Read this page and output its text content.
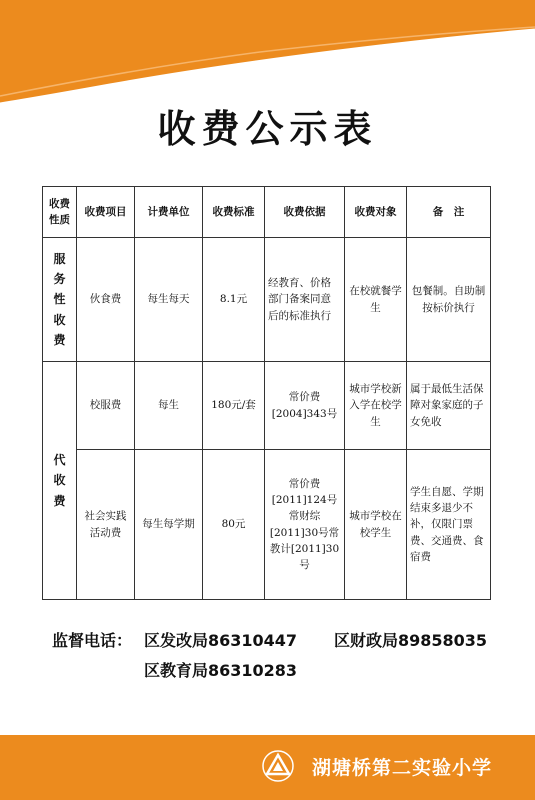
收费公示表
收费性质	收费项目	计费单位	收费标准	收费依据	收费对象	备　注

服务性收费	伙食费	每生每天	8.1元	经教育、价格部门备案同意后的标准执行	在校就餐学生	包餐制。自助制按标价执行

代收费	校服费	每生	180元/套	常价费[2004]343号	城市学校新入学在校学生	属于最低生活保障对象家庭的子女免收
	社会实践活动费	每生每学期	80元	常价费[2011]124号常财综[2011]30号常教计[2011]30号	城市学校在校学生	学生自愿、学期结束多退少不补，仅限门票费、交通费、食宿费
监督电话： 区发改局86310447 区财政局89858035
区教育局86310283
湖塘桥第二实验小学
